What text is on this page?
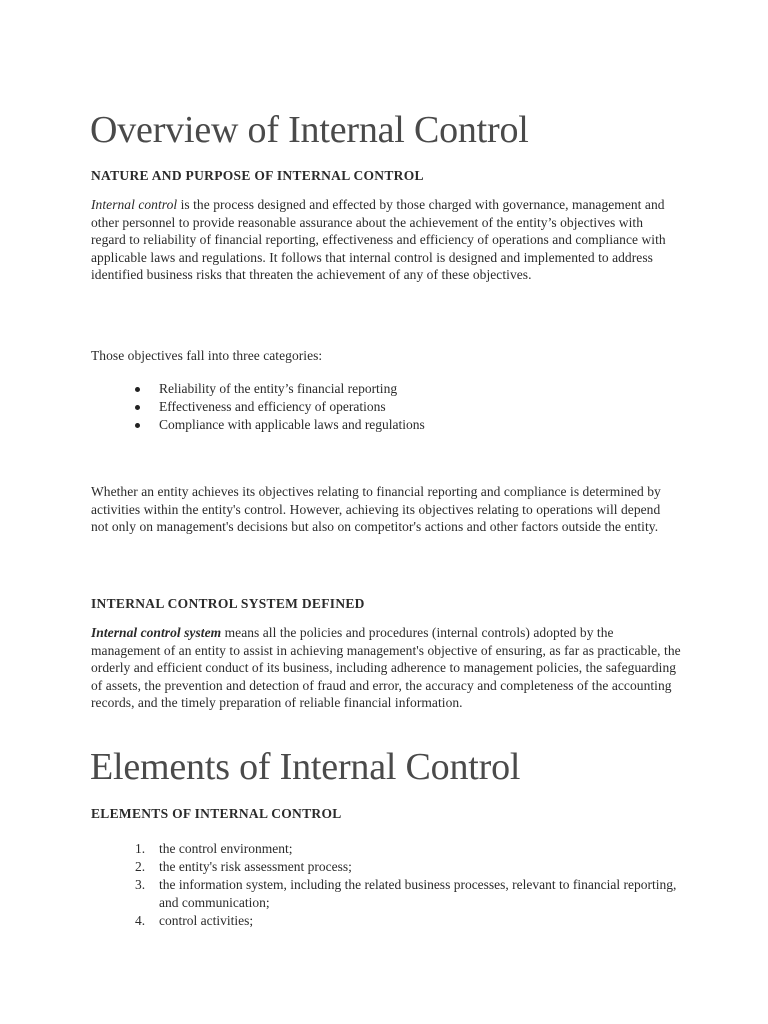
Overview of Internal Control
NATURE AND PURPOSE OF INTERNAL CONTROL

Internal control is the process designed and effected by those charged with governance, management and other personnel to provide reasonable assurance about the achievement of the entity’s objectives with regard to reliability of financial reporting, effectiveness and efficiency of operations and compliance with applicable laws and regulations. It follows that internal control is designed and implemented to address identified business risks that threaten the achievement of any of these objectives.

Those objectives fall into three categories:

Reliability of the entity’s financial reporting
Effectiveness and efficiency of operations
Compliance with applicable laws and regulations

Whether an entity achieves its objectives relating to financial reporting and compliance is determined by activities within the entity's control. However, achieving its objectives relating to operations will depend not only on management's decisions but also on competitor's actions and other factors outside the entity.

INTERNAL CONTROL SYSTEM DEFINED

Internal control system means all the policies and procedures (internal controls) adopted by the management of an entity to assist in achieving management's objective of ensuring, as far as practicable, the orderly and efficient conduct of its business, including adherence to management policies, the safeguarding of assets, the prevention and detection of fraud and error, the accuracy and completeness of the accounting records, and the timely preparation of reliable financial information.

Elements of Internal Control
ELEMENTS OF INTERNAL CONTROL
1. the control environment;
2. the entity's risk assessment process;
3. the information system, including the related business processes, relevant to financial reporting, and communication;
4. control activities;
